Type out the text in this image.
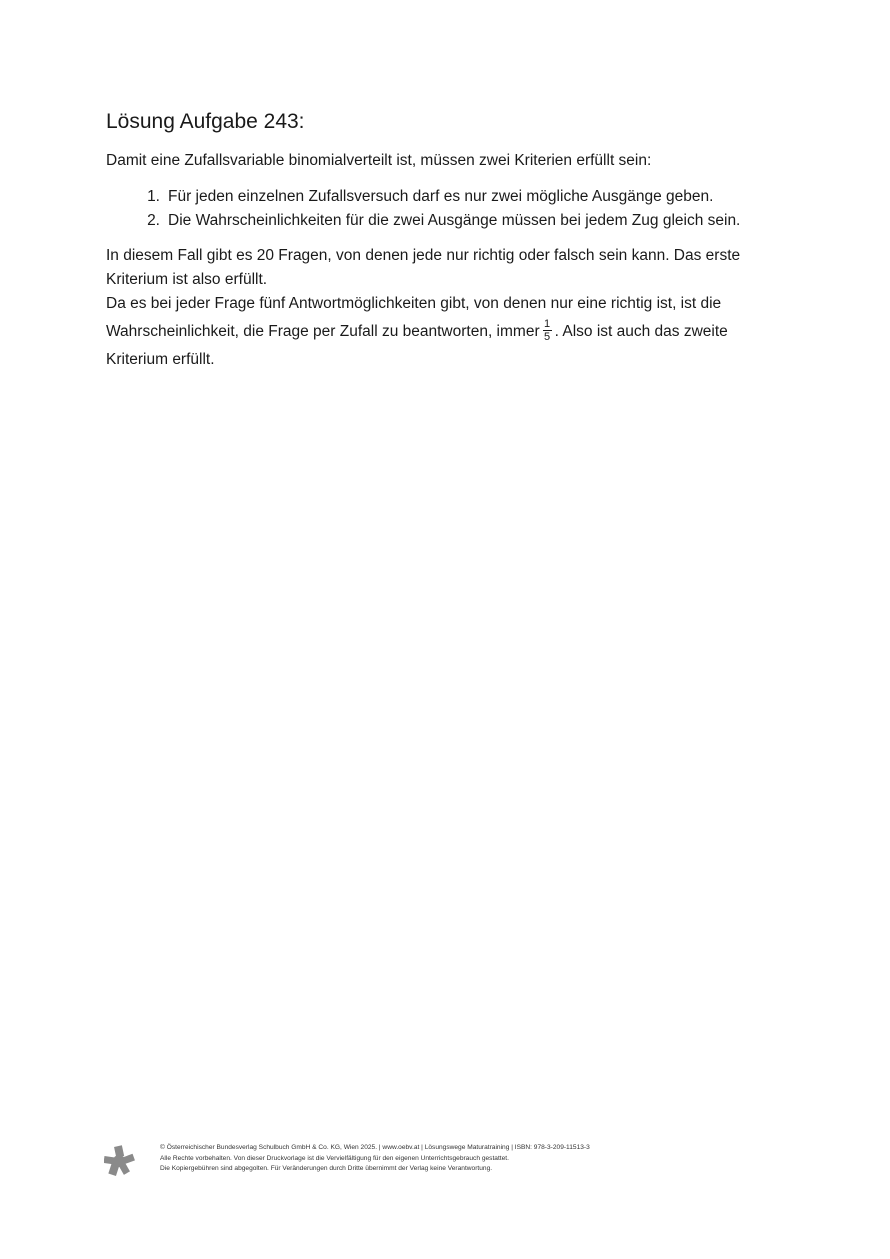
Lösung Aufgabe 243:

Damit eine Zufallsvariable binomialverteilt ist, müssen zwei Kriterien erfüllt sein:

1. Für jeden einzelnen Zufallsversuch darf es nur zwei mögliche Ausgänge geben.
2. Die Wahrscheinlichkeiten für die zwei Ausgänge müssen bei jedem Zug gleich sein.

In diesem Fall gibt es 20 Fragen, von denen jede nur richtig oder falsch sein kann. Das erste Kriterium ist also erfüllt.

Da es bei jeder Frage fünf Antwortmöglichkeiten gibt, von denen nur eine richtig ist, ist die Wahrscheinlichkeit, die Frage per Zufall zu beantworten, immer $\frac{1}{5}$ . Also ist auch das zweite Kriterium erfüllt.

© Österreichischer Bundesverlag Schulbuch GmbH & Co. KG, Wien 2025. | www.oebv.at | Lösungswege Maturatraining | ISBN: 978-3-209-11513-3
Alle Rechte vorbehalten. Von dieser Druckvorlage ist die Vervielfältigung für den eigenen Unterrichtsgebrauch gestattet.
Die Kopiergebühren sind abgegolten. Für Veränderungen durch Dritte übernimmt der Verlag keine Verantwortung.
